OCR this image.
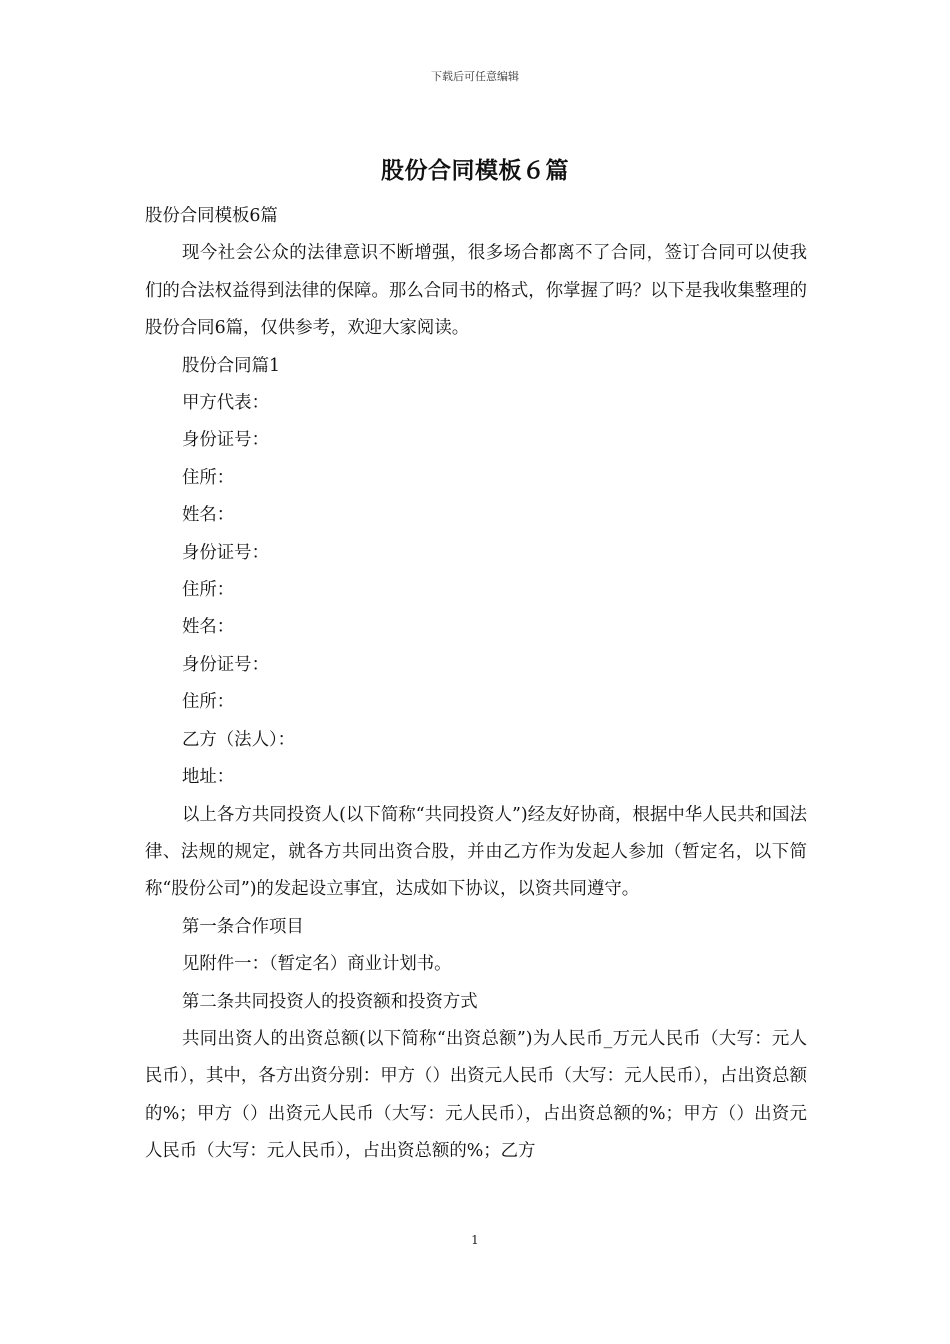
下载后可任意编辑
股份合同模板６篇

股份合同模板6篇

现今社会公众的法律意识不断增强，很多场合都离不了合同，签订合同可以使我们的合法权益得到法律的保障。那么合同书的格式，你掌握了吗？以下是我收集整理的股份合同6篇，仅供参考，欢迎大家阅读。

股份合同篇1

甲方代表：

身份证号：

住所：

姓名：

身份证号：

住所：

姓名：

身份证号：

住所：

乙方（法人）：

地址：

以上各方共同投资人(以下简称“共同投资人”)经友好协商，根据中华人民共和国法律、法规的规定，就各方共同出资合股，并由乙方作为发起人参加（暂定名，以下简称“股份公司”)的发起设立事宜，达成如下协议，以资共同遵守。

第一条合作项目

见附件一：（暂定名）商业计划书。

第二条共同投资人的投资额和投资方式

共同出资人的出资总额(以下简称“出资总额”)为人民币_万元人民币（大写：元人民币），其中，各方出资分别：甲方（）出资元人民币（大写：元人民币），占出资总额的%；甲方（）出资元人民币（大写：元人民币），占出资总额的%；甲方（）出资元人民币（大写：元人民币），占出资总额的%；乙方

1
